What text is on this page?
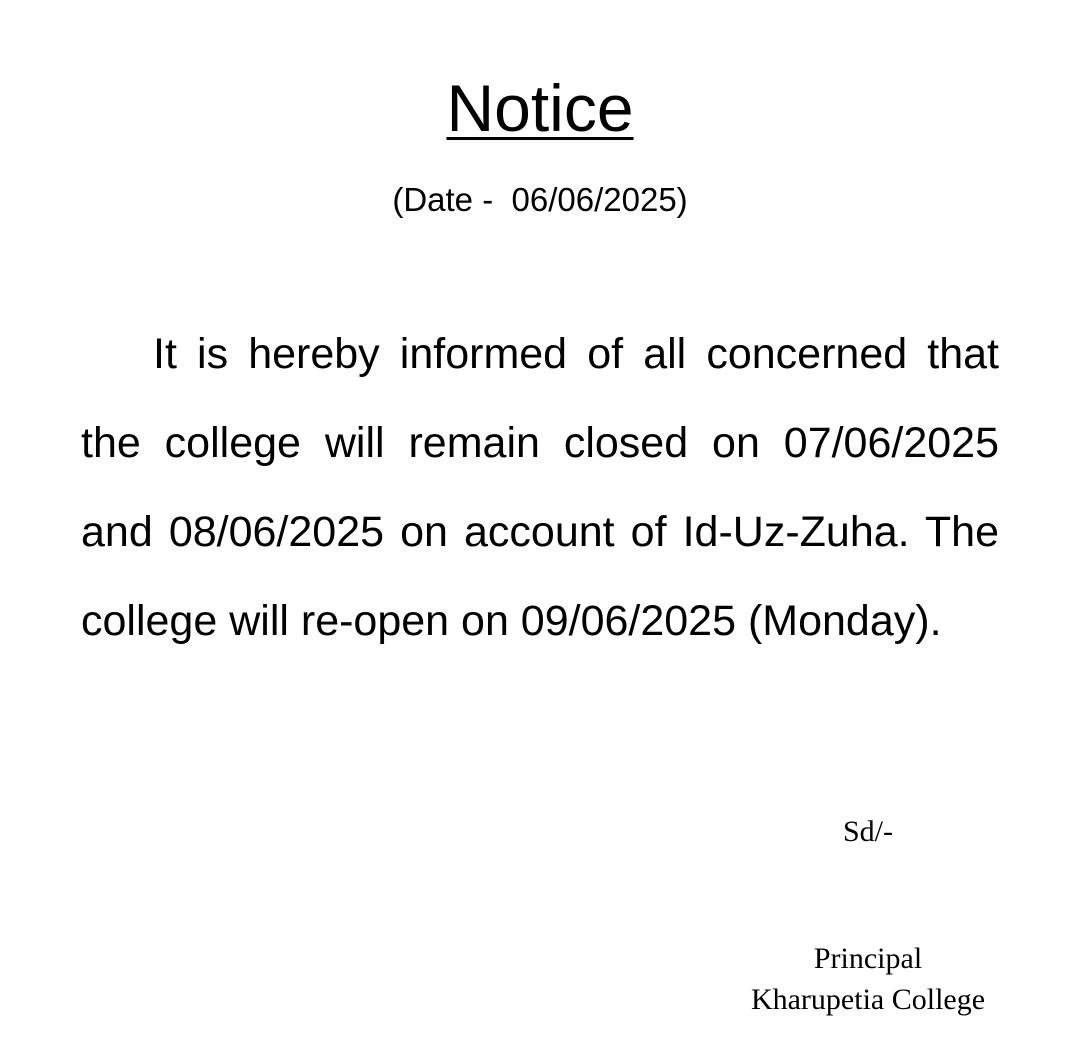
Notice
(Date -  06/06/2025)

It is hereby informed of all concerned that the college will remain closed on 07/06/2025 and 08/06/2025 on account of Id-Uz-Zuha. The college will re-open on 09/06/2025 (Monday).

Sd/-
Principal
Kharupetia College
